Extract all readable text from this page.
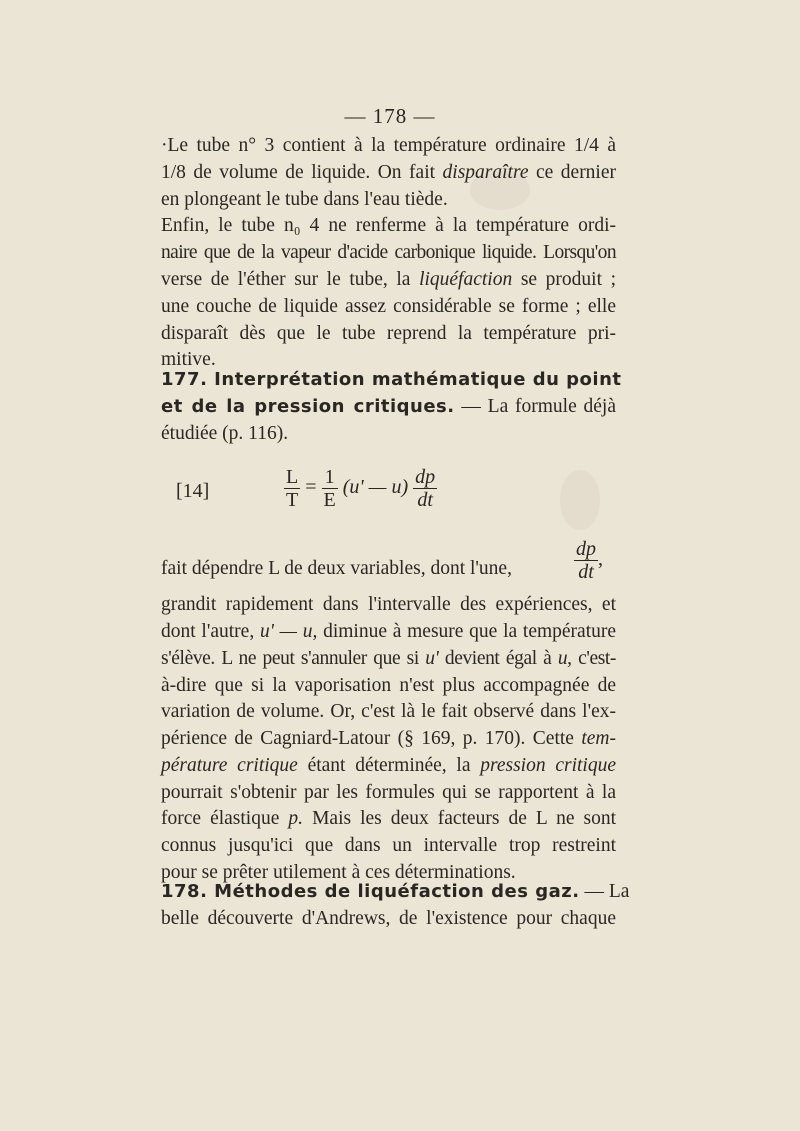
— 178 —
·Le tube n° 3 contient à la température ordinaire 1/4 à
1/8 de volume de liquide. On fait disparaître ce dernier
en plongeant le tube dans l'eau tiède.
Enfin, le tube n₀ 4 ne renferme à la température ordi-
naire que de la vapeur d'acide carbonique liquide. Lorsqu'on
verse de l'éther sur le tube, la liquéfaction se produit ;
une couche de liquide assez considérable se forme ; elle
disparaît dès que le tube reprend la température pri-
mitive.
177. Interprétation mathématique du point
et de la pression critiques. — La formule déjà
étudiée (p. 116).
[14]	$\frac{L}{T} = \frac{1}{E} (u'$ — $u) \frac{dp}{dt}$
fait dépendre L de deux variables, dont l'une,	$\frac{dp}{dt}$ ,
grandit rapidement dans l'intervalle des expériences, et
dont l'autre, u' — u, diminue à mesure que la température
s'élève. L ne peut s'annuler que si u' devient égal à u, c'est-
à-dire que si la vaporisation n'est plus accompagnée de
variation de volume. Or, c'est là le fait observé dans l'ex-
périence de Cagniard-Latour (§ 169, p. 170). Cette tem-
pérature critique étant déterminée, la pression critique
pourrait s'obtenir par les formules qui se rapportent à la
force élastique p. Mais les deux facteurs de L ne sont
connus jusqu'ici que dans un intervalle trop restreint
pour se prêter utilement à ces déterminations.
178. Méthodes de liquéfaction des gaz. — La
belle découverte d'Andrews, de l'existence pour chaque
